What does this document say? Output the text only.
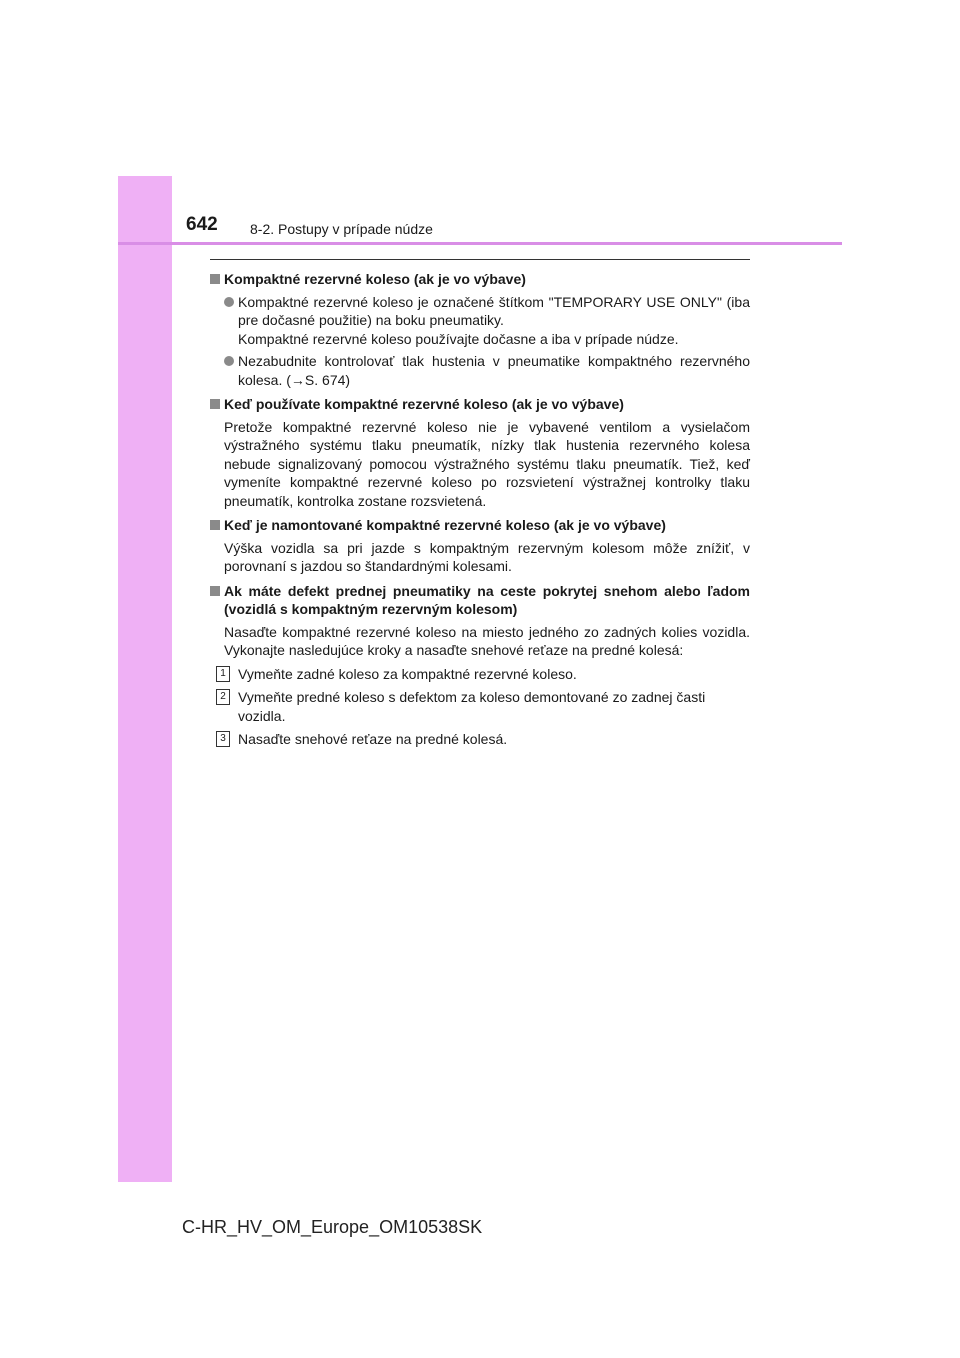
642 8-2. Postupy v prípade núdze
Kompaktné rezervné koleso (ak je vo výbave)
Kompaktné rezervné koleso je označené štítkom "TEMPORARY USE ONLY" (iba pre dočasné použitie) na boku pneumatiky.
Kompaktné rezervné koleso používajte dočasne a iba v prípade núdze.
Nezabudnite kontrolovať tlak hustenia v pneumatike kompaktného rezervného kolesa. (→S. 674)
Keď používate kompaktné rezervné koleso (ak je vo výbave)
Pretože kompaktné rezervné koleso nie je vybavené ventilom a vysielačom výstražného systému tlaku pneumatík, nízky tlak hustenia rezervného kolesa nebude signalizovaný pomocou výstražného systému tlaku pneumatík. Tiež, keď vymeníte kompaktné rezervné koleso po rozsvietení výstražnej kontrolky tlaku pneumatík, kontrolka zostane rozsvietená.
Keď je namontované kompaktné rezervné koleso (ak je vo výbave)
Výška vozidla sa pri jazde s kompaktným rezervným kolesom môže znížiť, v porovnaní s jazdou so štandardnými kolesami.
Ak máte defekt prednej pneumatiky na ceste pokrytej snehom alebo ľadom (vozidlá s kompaktným rezervným kolesom)
Nasaďte kompaktné rezervné koleso na miesto jedného zo zadných kolies vozidla. Vykonajte nasledujúce kroky a nasaďte snehové reťaze na predné kolesá:
1 Vymeňte zadné koleso za kompaktné rezervné koleso.
2 Vymeňte predné koleso s defektom za koleso demontované zo zadnej časti vozidla.
3 Nasaďte snehové reťaze na predné kolesá.
C-HR_HV_OM_Europe_OM10538SK
